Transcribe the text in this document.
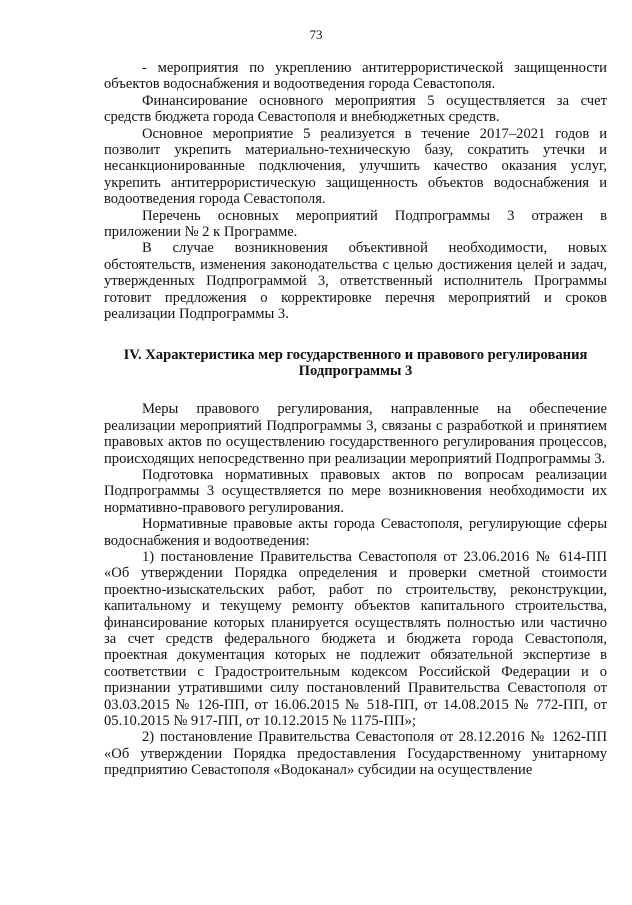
73

- мероприятия по укреплению антитеррористической защищенности объектов водоснабжения и водоотведения города Севастополя.

Финансирование основного мероприятия 5 осуществляется за счет средств бюджета города Севастополя и внебюджетных средств.

Основное мероприятие 5 реализуется в течение 2017–2021 годов и позволит укрепить материально-техническую базу, сократить утечки и несанкционированные подключения, улучшить качество оказания услуг, укрепить антитеррористическую защищенность объектов водоснабжения и водоотведения города Севастополя.

Перечень основных мероприятий Подпрограммы 3 отражен в приложении № 2 к Программе.

В случае возникновения объективной необходимости, новых обстоятельств, изменения законодательства с целью достижения целей и задач, утвержденных Подпрограммой 3, ответственный исполнитель Программы готовит предложения о корректировке перечня мероприятий и сроков реализации Подпрограммы 3.

IV. Характеристика мер государственного и правового регулирования
Подпрограммы 3

Меры правового регулирования, направленные на обеспечение реализации мероприятий Подпрограммы 3, связаны с разработкой и принятием правовых актов по осуществлению государственного регулирования процессов, происходящих непосредственно при реализации мероприятий Подпрограммы 3.

Подготовка нормативных правовых актов по вопросам реализации Подпрограммы 3 осуществляется по мере возникновения необходимости их нормативно-правового регулирования.

Нормативные правовые акты города Севастополя, регулирующие сферы водоснабжения и водоотведения:

1) постановление Правительства Севастополя от 23.06.2016 № 614-ПП «Об утверждении Порядка определения и проверки сметной стоимости проектно-изыскательских работ, работ по строительству, реконструкции, капитальному и текущему ремонту объектов капитального строительства, финансирование которых планируется осуществлять полностью или частично за счет средств федерального бюджета и бюджета города Севастополя, проектная документация которых не подлежит обязательной экспертизе в соответствии с Градостроительным кодексом Российской Федерации и о признании утратившими силу постановлений Правительства Севастополя от 03.03.2015 № 126-ПП, от 16.06.2015 № 518-ПП, от 14.08.2015 № 772-ПП, от 05.10.2015 № 917-ПП, от 10.12.2015 № 1175-ПП»;

2) постановление Правительства Севастополя от 28.12.2016 № 1262-ПП «Об утверждении Порядка предоставления Государственному унитарному предприятию Севастополя «Водоканал» субсидии на осуществление
